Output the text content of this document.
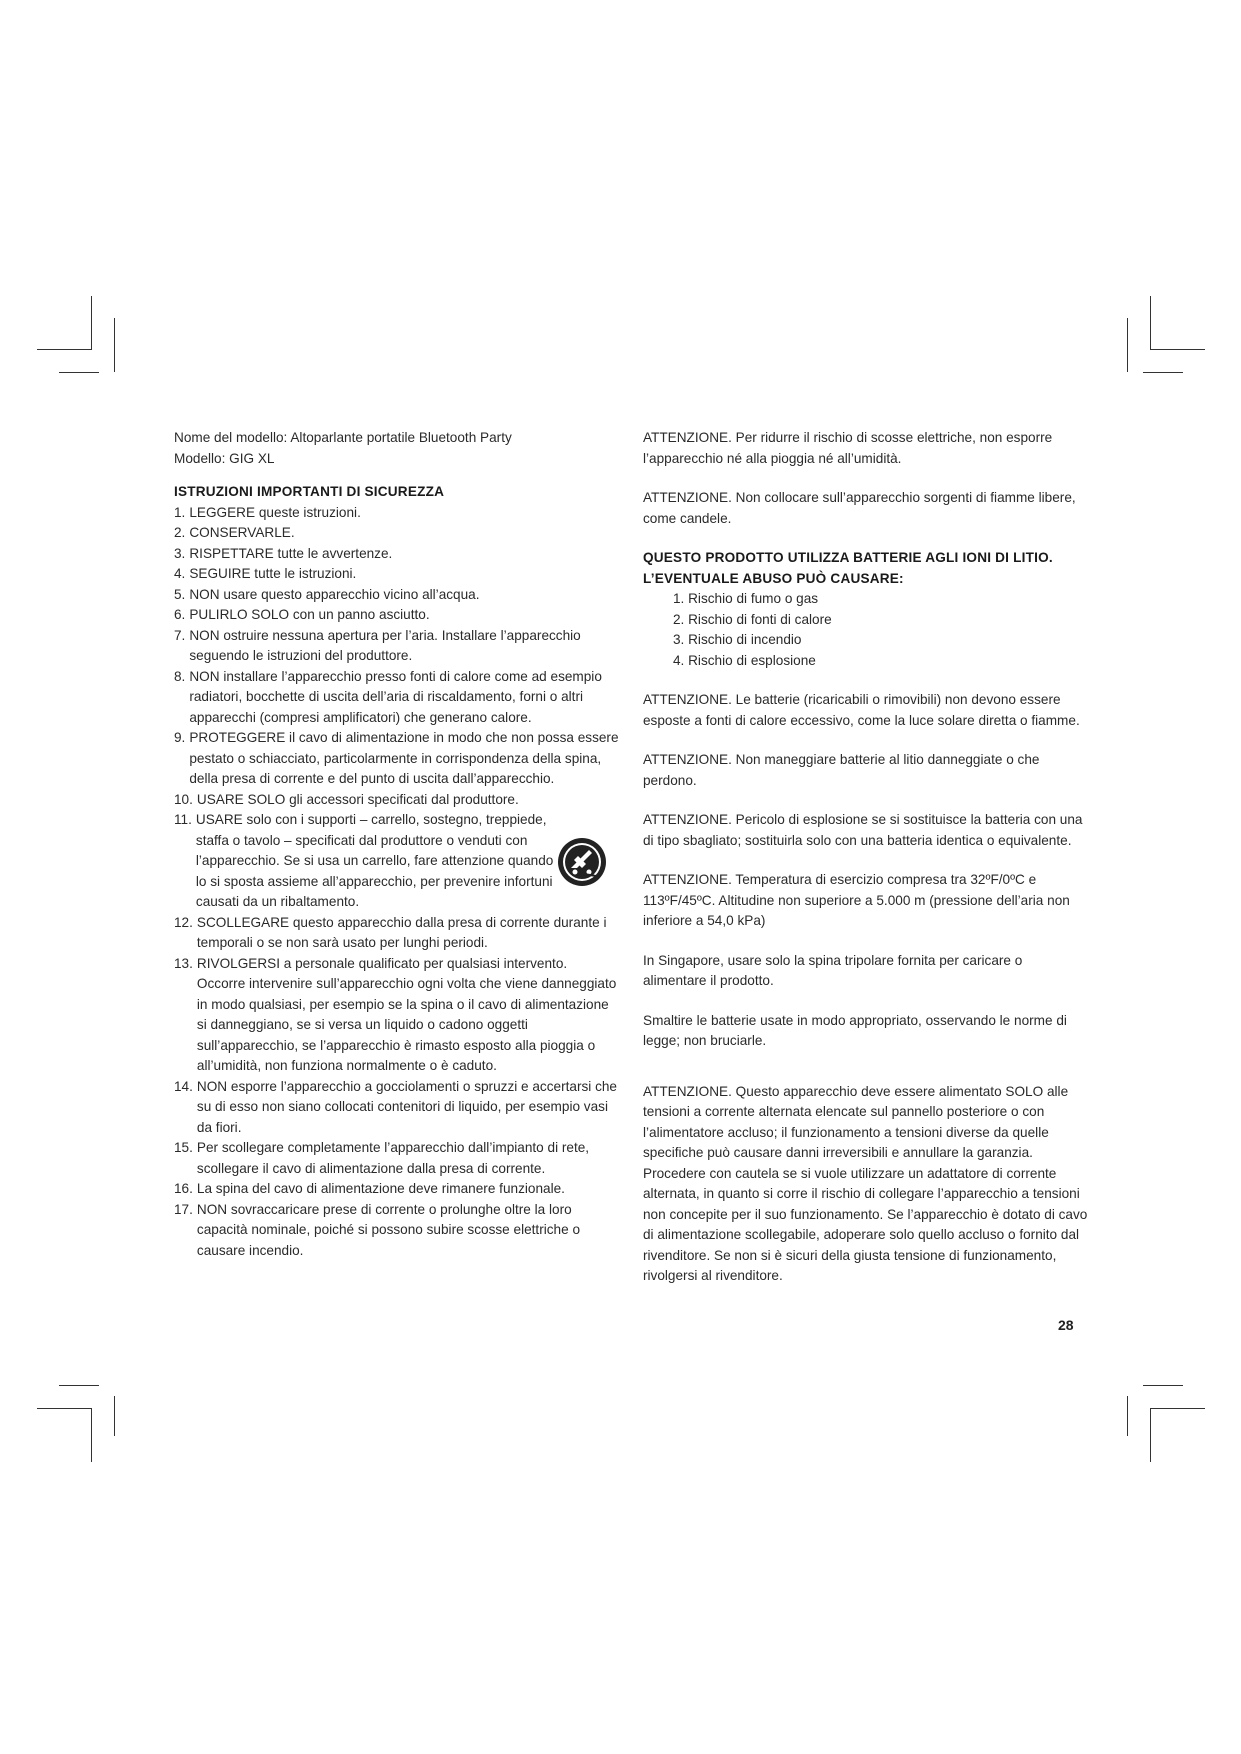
Nome del modello: Altoparlante portatile Bluetooth Party
Modello: GIG XL
ISTRUZIONI IMPORTANTI DI SICUREZZA
1. LEGGERE queste istruzioni.
2. CONSERVARLE.
3. RISPETTARE tutte le avvertenze.
4. SEGUIRE tutte le istruzioni.
5. NON usare questo apparecchio vicino all’acqua.
6. PULIRLO SOLO con un panno asciutto.
7. NON ostruire nessuna apertura per l’aria. Installare l’apparecchio seguendo le istruzioni del produttore.
8. NON installare l’apparecchio presso fonti di calore come ad esempio radiatori, bocchette di uscita dell’aria di riscaldamento, forni o altri apparecchi (compresi amplificatori) che generano calore.
9. PROTEGGERE il cavo di alimentazione in modo che non possa essere pestato o schiacciato, particolarmente in corrispondenza della spina, della presa di corrente e del punto di uscita dall’apparecchio.
10. USARE SOLO gli accessori specificati dal produttore.
11. USARE solo con i supporti – carrello, sostegno, treppiede, staffa o tavolo – specificati dal produttore o venduti con l’apparecchio. Se si usa un carrello, fare attenzione quando lo si sposta assieme all’apparecchio, per prevenire infortuni causati da un ribaltamento.
12. SCOLLEGARE questo apparecchio dalla presa di corrente durante i temporali o se non sarà usato per lunghi periodi.
13. RIVOLGERSI a personale qualificato per qualsiasi intervento. Occorre intervenire sull’apparecchio ogni volta che viene danneggiato in modo qualsiasi, per esempio se la spina o il cavo di alimentazione si danneggiano, se si versa un liquido o cadono oggetti sull’apparecchio, se l’apparecchio è rimasto esposto alla pioggia o all’umidità, non funziona normalmente o è caduto.
14. NON esporre l’apparecchio a gocciolamenti o spruzzi e accertarsi che su di esso non siano collocati contenitori di liquido, per esempio vasi da fiori.
15. Per scollegare completamente l’apparecchio dall’impianto di rete, scollegare il cavo di alimentazione dalla presa di corrente.
16. La spina del cavo di alimentazione deve rimanere funzionale.
17. NON sovraccaricare prese di corrente o prolunghe oltre la loro capacità nominale, poiché si possono subire scosse elettriche o causare incendio.
ATTENZIONE. Per ridurre il rischio di scosse elettriche, non esporre l’apparecchio né alla pioggia né all’umidità.
ATTENZIONE. Non collocare sull’apparecchio sorgenti di fiamme libere, come candele.
QUESTO PRODOTTO UTILIZZA BATTERIE AGLI IONI DI LITIO.
L’EVENTUALE ABUSO PUÒ CAUSARE:
1. Rischio di fumo o gas
2. Rischio di fonti di calore
3. Rischio di incendio
4. Rischio di esplosione
ATTENZIONE. Le batterie (ricaricabili o rimovibili) non devono essere esposte a fonti di calore eccessivo, come la luce solare diretta o fiamme.
ATTENZIONE. Non maneggiare batterie al litio danneggiate o che perdono.
ATTENZIONE. Pericolo di esplosione se si sostituisce la batteria con una di tipo sbagliato; sostituirla solo con una batteria identica o equivalente.
ATTENZIONE. Temperatura di esercizio compresa tra 32ºF/0ºC e 113ºF/45ºC. Altitudine non superiore a 5.000 m (pressione dell’aria non inferiore a 54,0 kPa)
In Singapore, usare solo la spina tripolare fornita per caricare o alimentare il prodotto.
Smaltire le batterie usate in modo appropriato, osservando le norme di legge; non bruciarle.
ATTENZIONE. Questo apparecchio deve essere alimentato SOLO alle tensioni a corrente alternata elencate sul pannello posteriore o con l’alimentatore accluso; il funzionamento a tensioni diverse da quelle specifiche può causare danni irreversibili e annullare la garanzia. Procedere con cautela se si vuole utilizzare un adattatore di corrente alternata, in quanto si corre il rischio di collegare l’apparecchio a tensioni non concepite per il suo funzionamento. Se l’apparecchio è dotato di cavo di alimentazione scollegabile, adoperare solo quello accluso o fornito dal rivenditore. Se non si è sicuri della giusta tensione di funzionamento, rivolgersi al rivenditore.
28
